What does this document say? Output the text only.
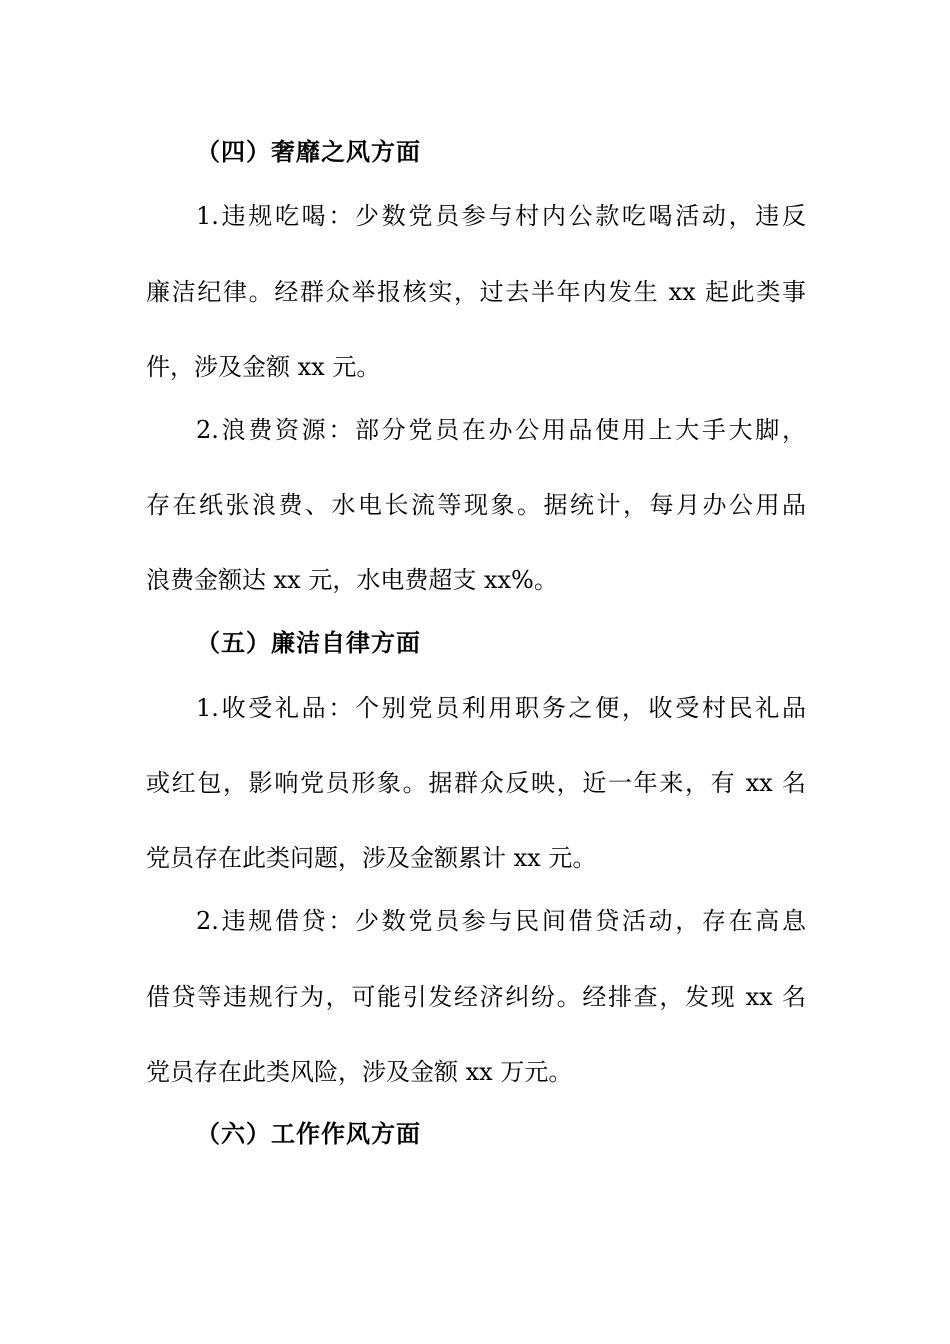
（四）奢靡之风方面
1.违规吃喝：少数党员参与村内公款吃喝活动，违反
廉洁纪律。经群众举报核实，过去半年内发生 xx 起此类事
件，涉及金额 xx 元。
2.浪费资源：部分党员在办公用品使用上大手大脚，
存在纸张浪费、水电长流等现象。据统计，每月办公用品
浪费金额达 xx 元，水电费超支 xx%。
（五）廉洁自律方面
1.收受礼品：个别党员利用职务之便，收受村民礼品
或红包，影响党员形象。据群众反映，近一年来，有 xx 名
党员存在此类问题，涉及金额累计 xx 元。
2.违规借贷：少数党员参与民间借贷活动，存在高息
借贷等违规行为，可能引发经济纠纷。经排查，发现 xx 名
党员存在此类风险，涉及金额 xx 万元。
（六）工作作风方面
